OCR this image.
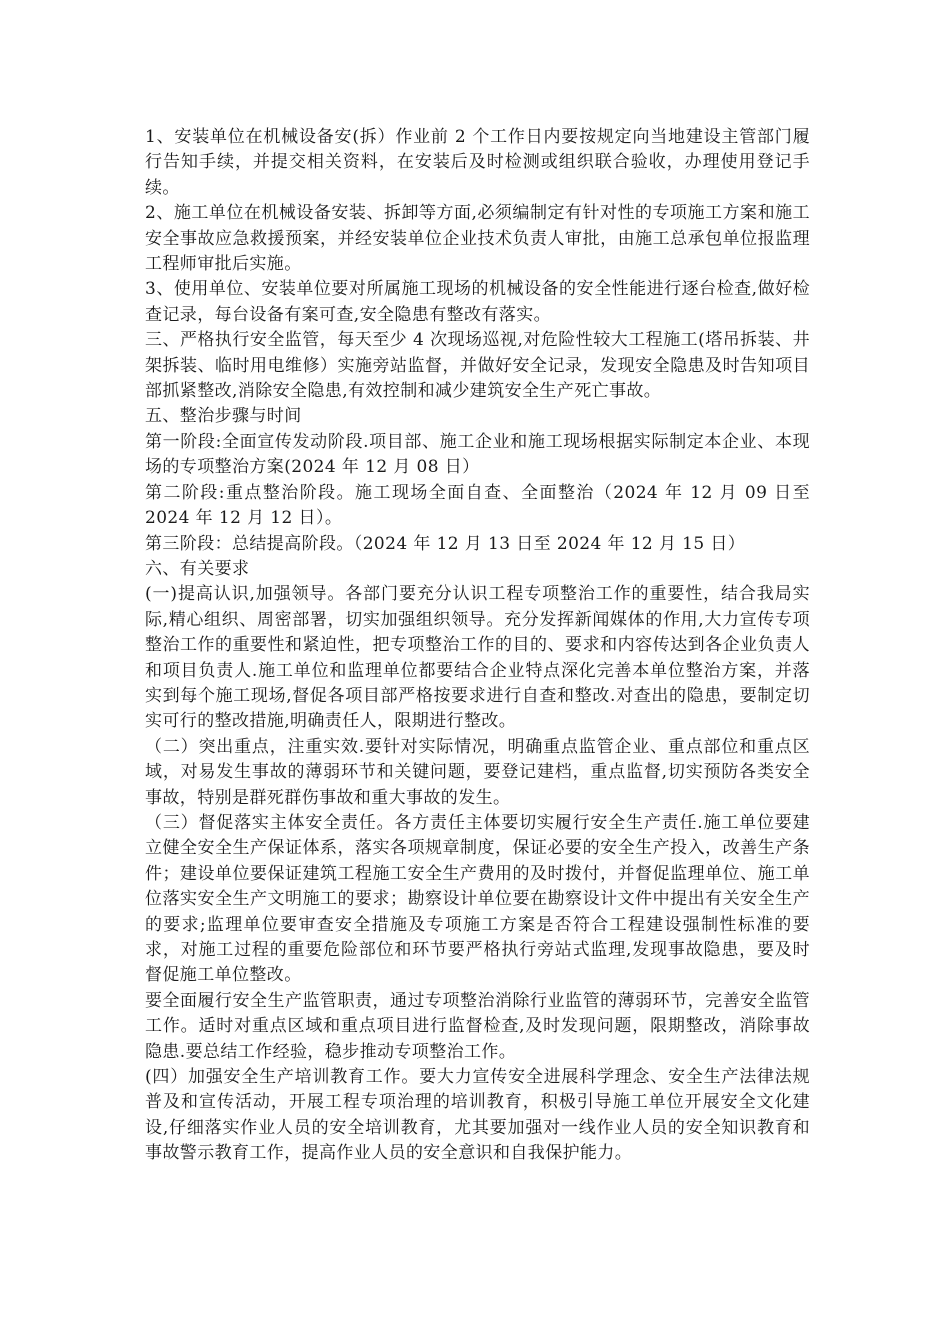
1、安装单位在机械设备安(拆）作业前 2 个工作日内要按规定向当地建设主管部门履行告知手续，并提交相关资料，在安装后及时检测或组织联合验收，办理使用登记手续。

2、施工单位在机械设备安装、拆卸等方面,必须编制定有针对性的专项施工方案和施工安全事故应急救援预案，并经安装单位企业技术负责人审批，由施工总承包单位报监理工程师审批后实施。

3、使用单位、安装单位要对所属施工现场的机械设备的安全性能进行逐台检查,做好检查记录，每台设备有案可查,安全隐患有整改有落实。

三、严格执行安全监管，每天至少 4 次现场巡视,对危险性较大工程施工(塔吊拆装、井架拆装、临时用电维修）实施旁站监督，并做好安全记录，发现安全隐患及时告知项目部抓紧整改,消除安全隐患,有效控制和减少建筑安全生产死亡事故。

五、整治步骤与时间

第一阶段:全面宣传发动阶段.项目部、施工企业和施工现场根据实际制定本企业、本现场的专项整治方案(2024 年 12 月 08 日）

第二阶段:重点整治阶段。施工现场全面自查、全面整治（2024 年 12 月 09 日至 2024 年 12 月 12 日）。

第三阶段：总结提高阶段。（2024 年 12 月 13 日至 2024 年 12 月 15 日）

六、有关要求

(一)提高认识,加强领导。各部门要充分认识工程专项整治工作的重要性，结合我局实际,精心组织、周密部署，切实加强组织领导。充分发挥新闻媒体的作用,大力宣传专项整治工作的重要性和紧迫性，把专项整治工作的目的、要求和内容传达到各企业负责人和项目负责人.施工单位和监理单位都要结合企业特点深化完善本单位整治方案，并落实到每个施工现场,督促各项目部严格按要求进行自查和整改.对查出的隐患，要制定切实可行的整改措施,明确责任人，限期进行整改。

（二）突出重点，注重实效.要针对实际情况，明确重点监管企业、重点部位和重点区域，对易发生事故的薄弱环节和关键问题，要登记建档，重点监督,切实预防各类安全事故，特别是群死群伤事故和重大事故的发生。

（三）督促落实主体安全责任。各方责任主体要切实履行安全生产责任.施工单位要建立健全安全生产保证体系，落实各项规章制度，保证必要的安全生产投入，改善生产条件；建设单位要保证建筑工程施工安全生产费用的及时拨付，并督促监理单位、施工单位落实安全生产文明施工的要求；勘察设计单位要在勘察设计文件中提出有关安全生产的要求;监理单位要审查安全措施及专项施工方案是否符合工程建设强制性标准的要求，对施工过程的重要危险部位和环节要严格执行旁站式监理,发现事故隐患，要及时督促施工单位整改。

要全面履行安全生产监管职责，通过专项整治消除行业监管的薄弱环节，完善安全监管工作。适时对重点区域和重点项目进行监督检查,及时发现问题，限期整改，消除事故隐患.要总结工作经验，稳步推动专项整治工作。

(四）加强安全生产培训教育工作。要大力宣传安全进展科学理念、安全生产法律法规普及和宣传活动，开展工程专项治理的培训教育，积极引导施工单位开展安全文化建设,仔细落实作业人员的安全培训教育，尤其要加强对一线作业人员的安全知识教育和事故警示教育工作，提高作业人员的安全意识和自我保护能力。
